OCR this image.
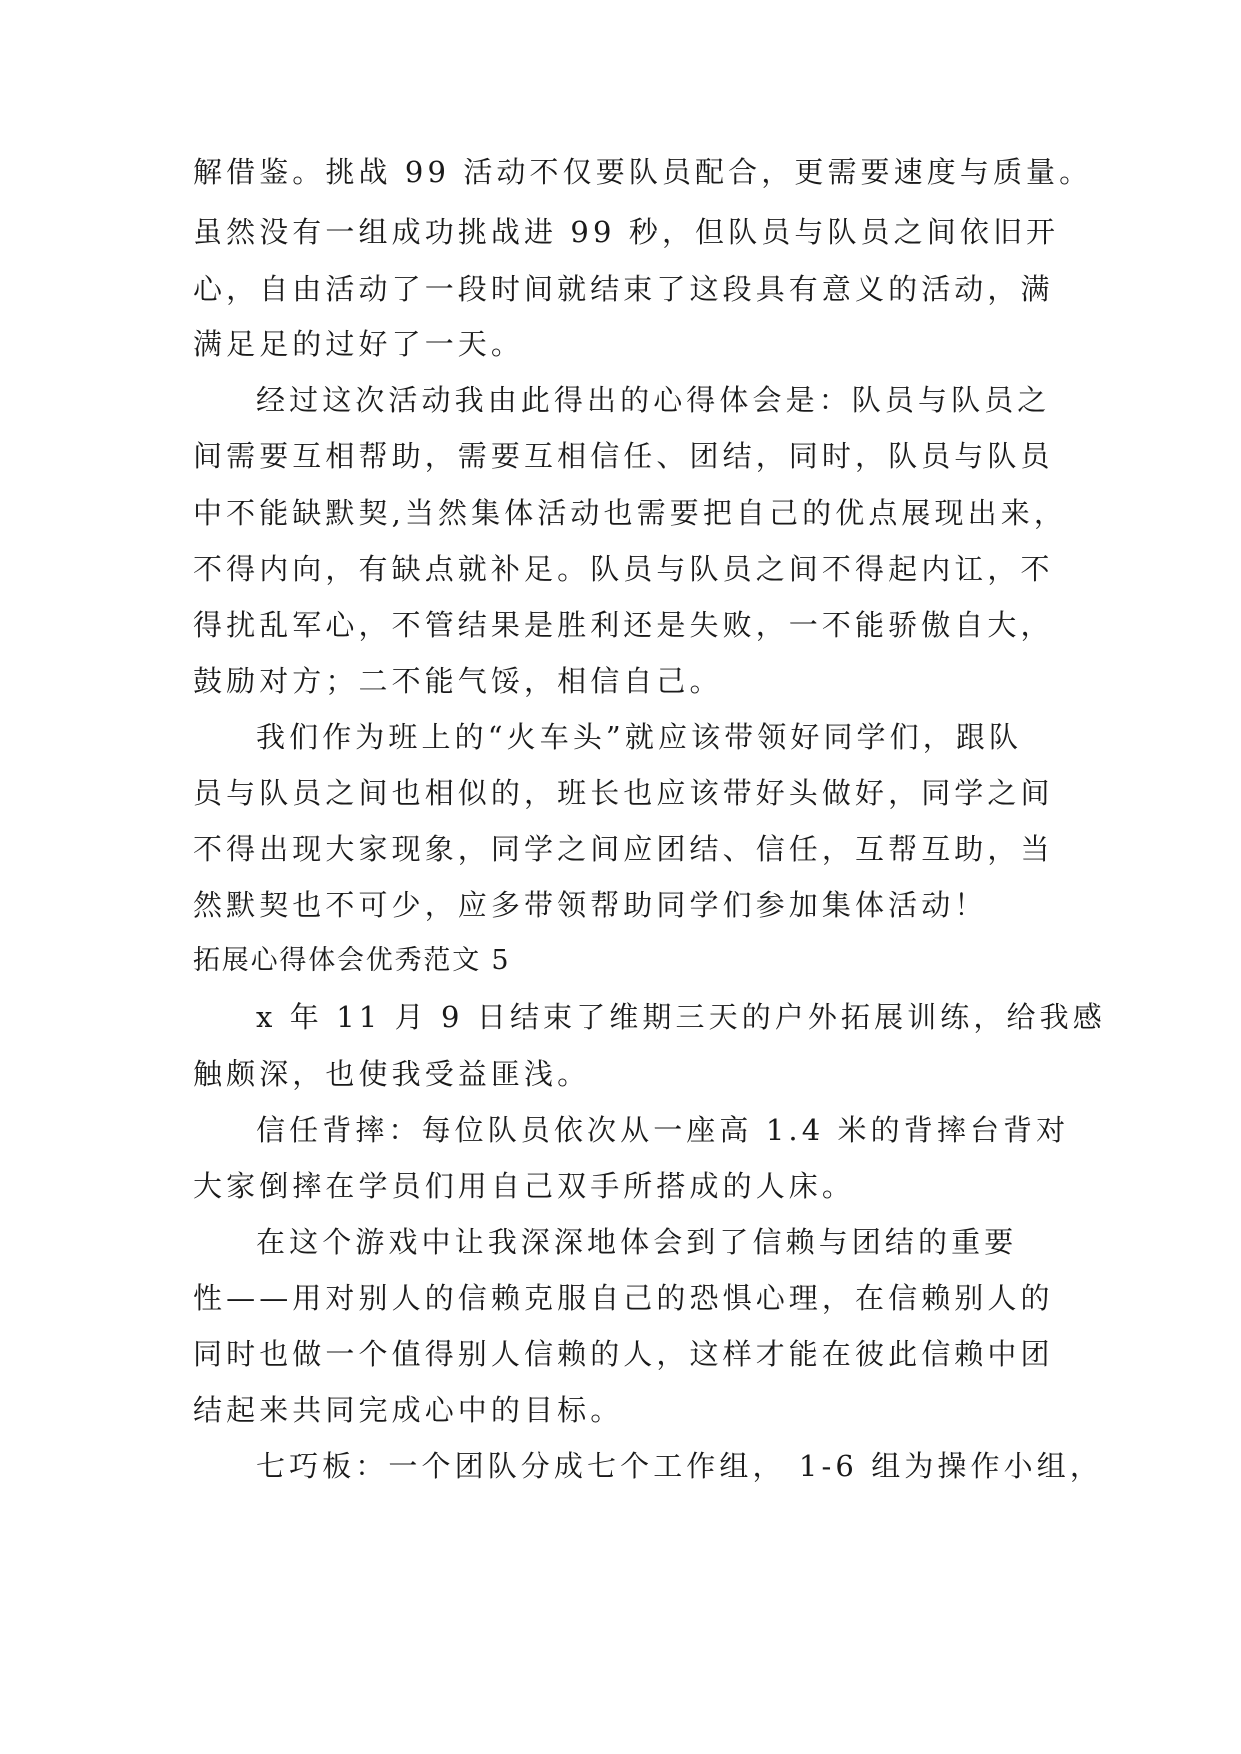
解借鉴。挑战 99 活动不仅要队员配合，更需要速度与质量。
虽然没有一组成功挑战进 99 秒，但队员与队员之间依旧开
心，自由活动了一段时间就结束了这段具有意义的活动，满
满足足的过好了一天。
经过这次活动我由此得出的心得体会是：队员与队员之
间需要互相帮助，需要互相信任、团结，同时，队员与队员
中不能缺默契,当然集体活动也需要把自己的优点展现出来，
不得内向，有缺点就补足。队员与队员之间不得起内讧，不
得扰乱军心，不管结果是胜利还是失败，一不能骄傲自大，
鼓励对方；二不能气馁，相信自己。
我们作为班上的“火车头”就应该带领好同学们，跟队
员与队员之间也相似的，班长也应该带好头做好，同学之间
不得出现大家现象，同学之间应团结、信任，互帮互助，当
然默契也不可少，应多带领帮助同学们参加集体活动！
拓展心得体会优秀范文 5
x 年 11 月 9 日结束了维期三天的户外拓展训练，给我感
触颇深，也使我受益匪浅。
信任背摔：每位队员依次从一座高 1.4 米的背摔台背对
大家倒摔在学员们用自己双手所搭成的人床。
在这个游戏中让我深深地体会到了信赖与团结的重要
性——用对别人的信赖克服自己的恐惧心理，在信赖别人的
同时也做一个值得别人信赖的人，这样才能在彼此信赖中团
结起来共同完成心中的目标。
七巧板：一个团队分成七个工作组， 1-6 组为操作小组，
